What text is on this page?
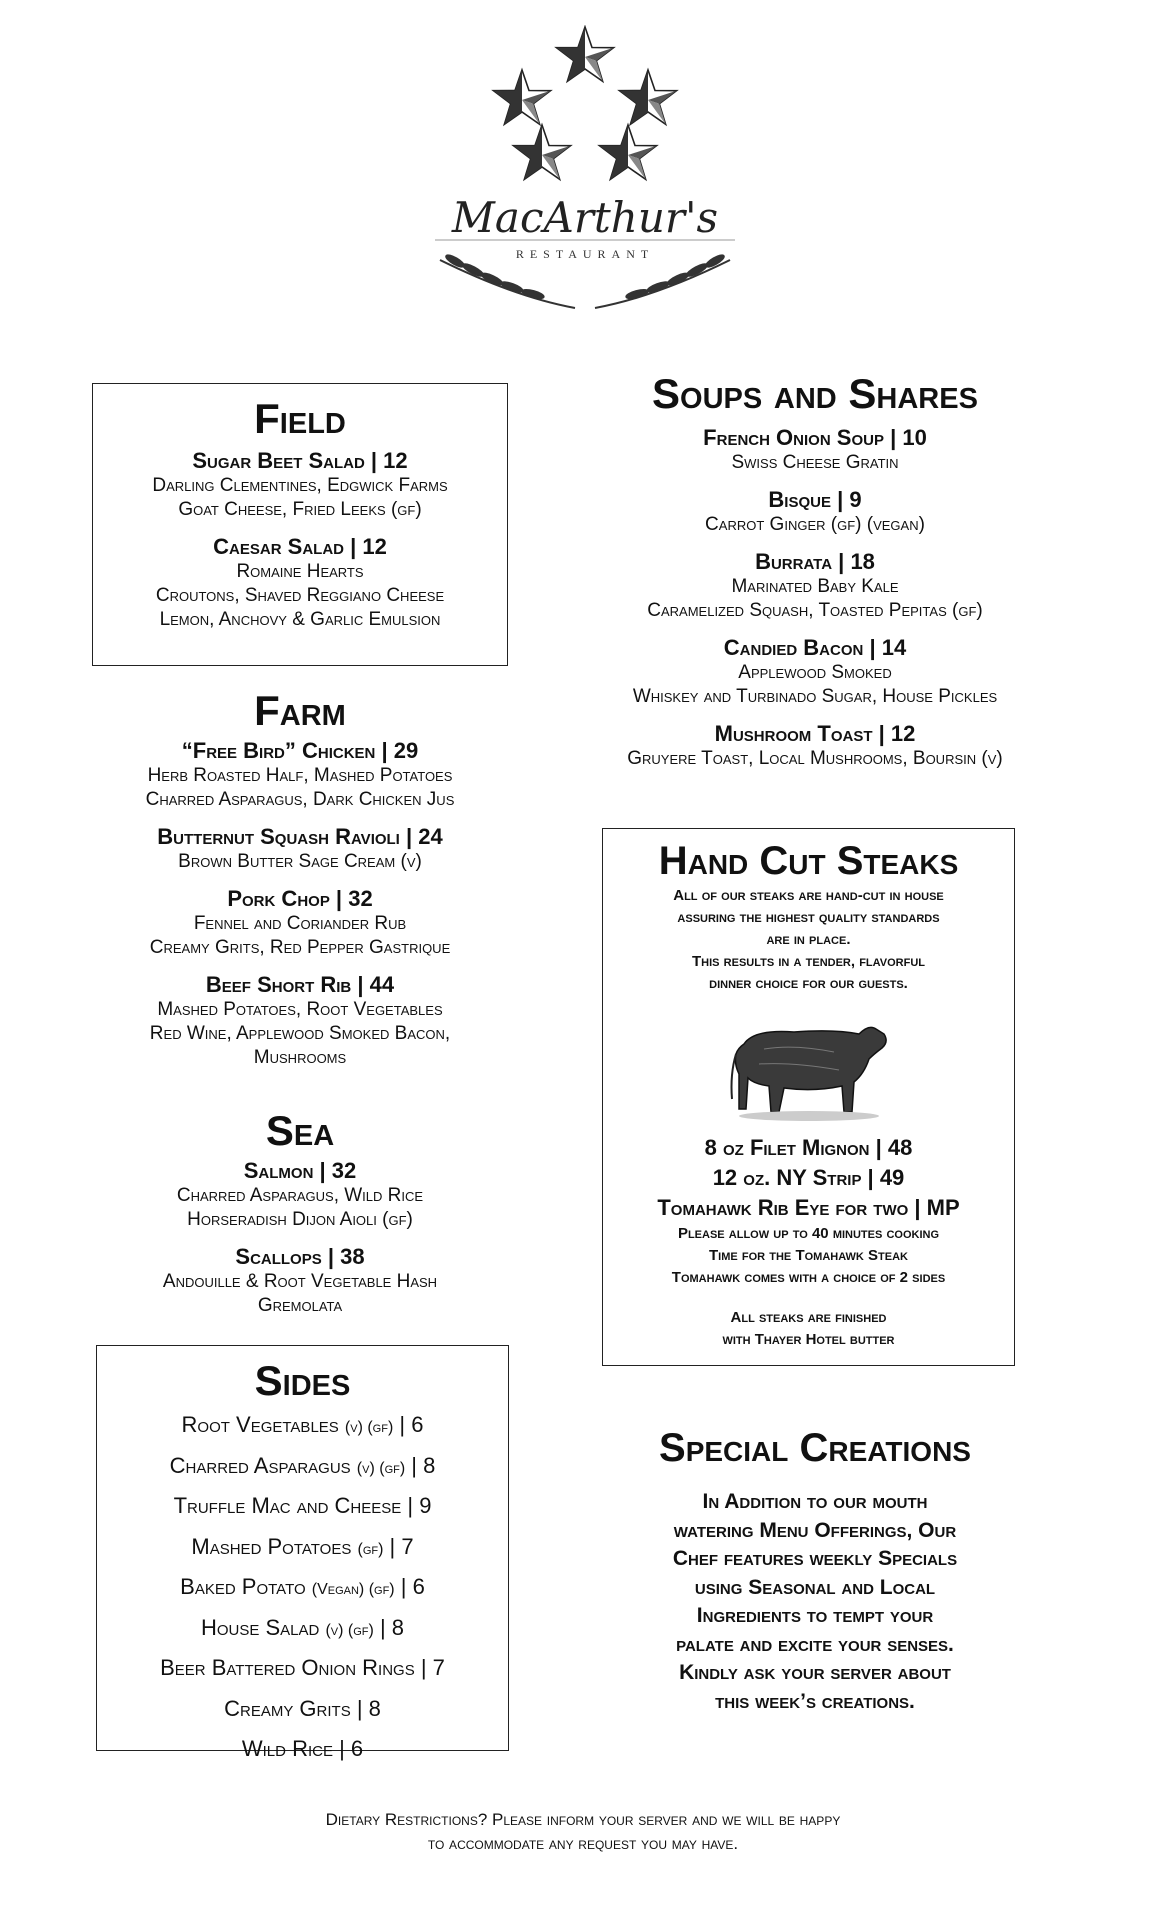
MacArthur's
RESTAURANT
Field
Sugar Beet Salad | 12
Darling Clementines, Edgwick Farms
Goat Cheese, Fried Leeks (gf)
Caesar Salad | 12
Romaine Hearts
Croutons, Shaved Reggiano Cheese
Lemon, Anchovy & Garlic Emulsion
Farm
“Free Bird” Chicken | 29
Herb Roasted Half, Mashed Potatoes
Charred Asparagus, Dark Chicken Jus
Butternut Squash Ravioli | 24
Brown Butter Sage Cream (v)
Pork Chop | 32
Fennel and Coriander Rub
Creamy Grits, Red Pepper Gastrique
Beef Short Rib | 44
Mashed Potatoes, Root Vegetables
Red Wine, Applewood Smoked Bacon,
Mushrooms
Sea
Salmon | 32
Charred Asparagus, Wild Rice
Horseradish Dijon Aioli (gf)
Scallops | 38
Andouille & Root Vegetable Hash
Gremolata
Sides
Root Vegetables (v) (gf) | 6
Charred Asparagus (v) (gf) | 8
Truffle Mac and Cheese | 9
Mashed Potatoes (gf) | 7
Baked Potato (Vegan) (gf) | 6
House Salad (v) (gf) | 8
Beer Battered Onion Rings | 7
Creamy Grits | 8
Wild Rice | 6
Soups and Shares
French Onion Soup | 10
Swiss Cheese Gratin
Bisque | 9
Carrot Ginger (gf) (vegan)
Burrata | 18
Marinated Baby Kale
Caramelized Squash, Toasted Pepitas (gf)
Candied Bacon | 14
Applewood Smoked
Whiskey and Turbinado Sugar, House Pickles
Mushroom Toast | 12
Gruyere Toast, Local Mushrooms, Boursin (v)
Hand Cut Steaks
All of our steaks are hand-cut in house
assuring the highest quality standards
are in place.
This results in a tender, flavorful
dinner choice for our guests.
8 oz Filet Mignon | 48
12 oz. NY Strip | 49
Tomahawk Rib Eye for two | MP
Please allow up to 40 minutes cooking
Time for the Tomahawk Steak
Tomahawk comes with a choice of 2 sides
All steaks are finished
with Thayer Hotel butter
Special Creations
In Addition to our mouth
watering Menu Offerings, Our
Chef features weekly Specials
using Seasonal and Local
Ingredients to tempt your
palate and excite your senses.
Kindly ask your server about
this week’s creations.
Dietary Restrictions? Please inform your server and we will be happy
to accommodate any request you may have.
